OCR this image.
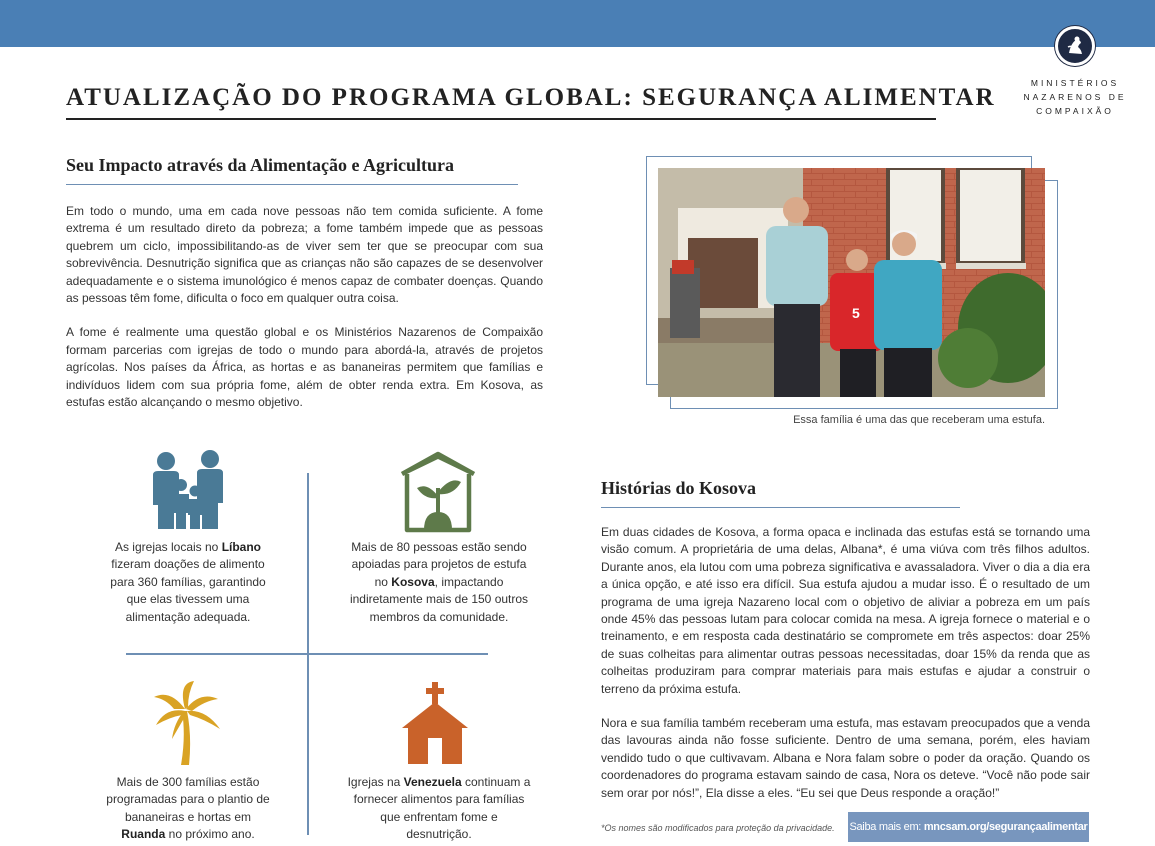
MINISTÉRIOS
NAZARENOS DE
COMPAIXÃO
ATUALIZAÇÃO DO PROGRAMA GLOBAL: SEGURANÇA ALIMENTAR
Seu Impacto através da Alimentação e Agricultura

Em todo o mundo, uma em cada nove pessoas não tem comida suficiente. A fome extrema é um resultado direto da pobreza; a fome também impede que as pessoas quebrem um ciclo, impossibilitando-as de viver sem ter que se preocupar com sua sobrevivência. Desnutrição significa que as crianças não são capazes de se desenvolver adequadamente e o sistema imunológico é menos capaz de combater doenças. Quando as pessoas têm fome, dificulta o foco em qualquer outra coisa.

A fome é realmente uma questão global e os Ministérios Nazarenos de Compaixão formam parcerias com igrejas de todo o mundo para abordá-la, através de projetos agrícolas. Nos países da África, as hortas e as bananeiras permitem que famílias e indivíduos lidem com sua própria fome, além de obter renda extra. Em Kosova, as estufas estão alcançando o mesmo objetivo.

5
Essa família é uma das que receberam uma estufa.
As igrejas locais no Líbano fizeram doações de alimento para 360 famílias, garantindo que elas tivessem uma alimentação adequada.
Mais de 80 pessoas estão sendo apoiadas para projetos de estufa no Kosova, impactando indiretamente mais de 150 outros membros da comunidade.
Mais de 300 famílias estão programadas para o plantio de bananeiras e hortas em Ruanda no próximo ano.
Igrejas na Venezuela continuam a fornecer alimentos para famílias que enfrentam fome e desnutrição.
Histórias do Kosova

Em duas cidades de Kosova, a forma opaca e inclinada das estufas está se tornando uma visão comum. A proprietária de uma delas, Albana*, é uma viúva com três filhos adultos. Durante anos, ela lutou com uma pobreza significativa e avassaladora. Viver o dia a dia era a única opção, e até isso era difícil. Sua estufa ajudou a mudar isso. É o resultado de um programa de uma igreja Nazareno local com o objetivo de aliviar a pobreza em um país onde 45% das pessoas lutam para colocar comida na mesa. A igreja fornece o material e o treinamento, e em resposta cada destinatário se compromete em três aspectos: doar 25% de suas colheitas para alimentar outras pessoas necessitadas, doar 15% da renda que as colheitas produziram para comprar materiais para mais estufas e ajudar a construir o terreno da próxima estufa.

Nora e sua família também receberam uma estufa, mas estavam preocupados que a venda das lavouras ainda não fosse suficiente. Dentro de uma semana, porém, eles haviam vendido tudo o que cultivavam. Albana e Nora falam sobre o poder da oração. Quando os coordenadores do programa estavam saindo de casa, Nora os deteve. “Você não pode sair sem orar por nós!”, Ela disse a eles. “Eu sei que Deus responde a oração!”

*Os nomes são modificados para proteção da privacidade. Saiba mais em: mncsam.org/segurançaalimentar
